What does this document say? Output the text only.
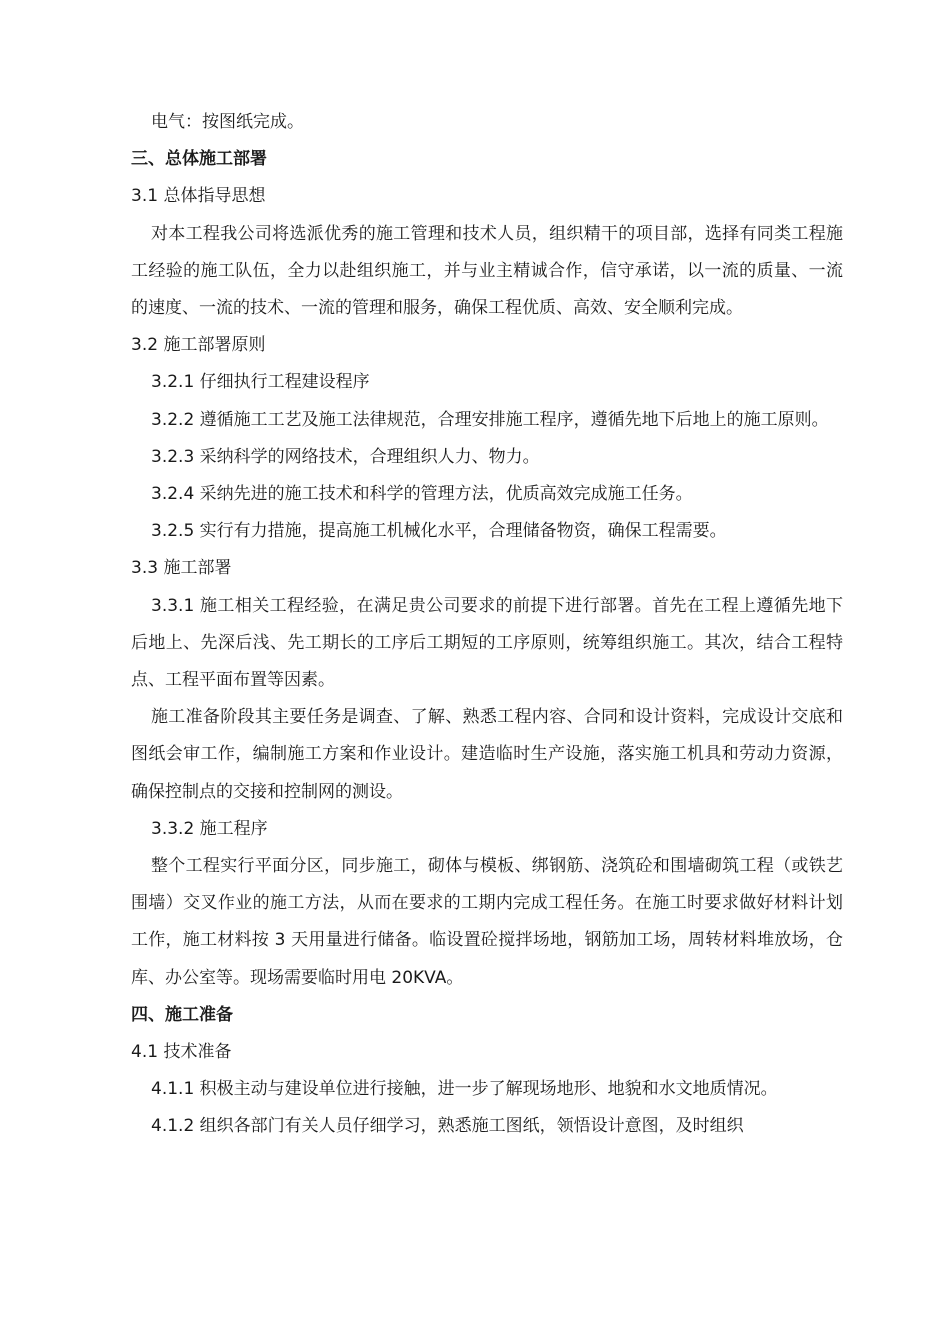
电气：按图纸完成。

三、总体施工部署

3.1 总体指导思想

对本工程我公司将选派优秀的施工管理和技术人员，组织精干的项目部，选择有同类工程施工经验的施工队伍，全力以赴组织施工，并与业主精诚合作，信守承诺，以一流的质量、一流的速度、一流的技术、一流的管理和服务，确保工程优质、高效、安全顺利完成。

3.2 施工部署原则

3.2.1 仔细执行工程建设程序

3.2.2 遵循施工工艺及施工法律规范，合理安排施工程序，遵循先地下后地上的施工原则。

3.2.3 采纳科学的网络技术，合理组织人力、物力。

3.2.4 采纳先进的施工技术和科学的管理方法，优质高效完成施工任务。

3.2.5 实行有力措施，提高施工机械化水平，合理储备物资，确保工程需要。

3.3 施工部署

3.3.1 施工相关工程经验，在满足贵公司要求的前提下进行部署。首先在工程上遵循先地下后地上、先深后浅、先工期长的工序后工期短的工序原则，统筹组织施工。其次，结合工程特点、工程平面布置等因素。

施工准备阶段其主要任务是调查、了解、熟悉工程内容、合同和设计资料，完成设计交底和图纸会审工作，编制施工方案和作业设计。建造临时生产设施，落实施工机具和劳动力资源，确保控制点的交接和控制网的测设。

3.3.2 施工程序

整个工程实行平面分区，同步施工，砌体与模板、绑钢筋、浇筑砼和围墙砌筑工程（或铁艺围墙）交叉作业的施工方法，从而在要求的工期内完成工程任务。在施工时要求做好材料计划工作，施工材料按 3 天用量进行储备。临设置砼搅拌场地，钢筋加工场，周转材料堆放场，仓库、办公室等。现场需要临时用电 20KVA。

四、施工准备

4.1 技术准备

4.1.1 积极主动与建设单位进行接触，进一步了解现场地形、地貌和水文地质情况。

4.1.2 组织各部门有关人员仔细学习，熟悉施工图纸，领悟设计意图，及时组织
